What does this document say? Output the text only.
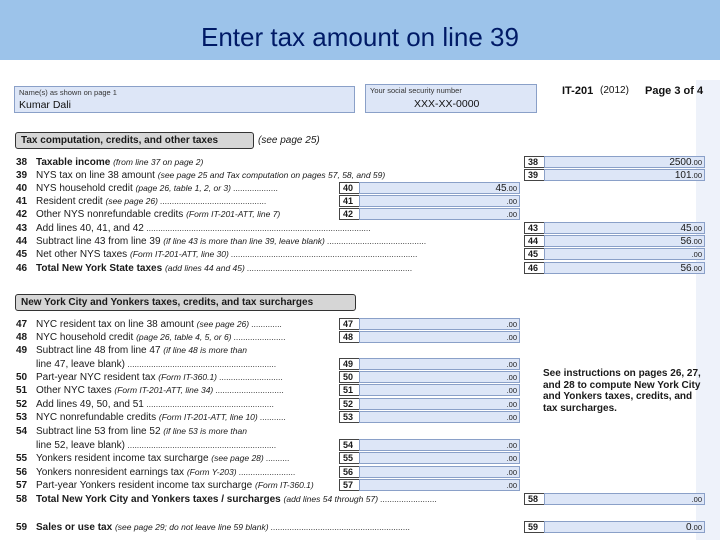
Enter tax amount on line 39
Name(s) as shown on page 1
Kumar Dali
Your social security number
XXX-XX-0000
IT-201 (2012) Page 3 of 4
Tax computation, credits, and other taxes	(see page 25)
38 Taxable income (from line 37 on page 2)	38	2500.00
39 NYS tax on line 38 amount (see page 25 and Tax computation on pages 57, 58, and 59)	39	101.00
40 NYS household credit (page 26, table 1, 2, or 3) ...................	40	45.00
41 Resident credit (see page 26) .............................................	41	.00
42 Other NYS nonrefundable credits (Form IT-201-ATT, line 7)	42	.00
43 Add lines 40, 41, and 42 ...............................................................................................	43	45.00
44 Subtract line 43 from line 39 (if line 43 is more than line 39, leave blank) ..........................................	44	56.00
45 Net other NYS taxes (Form IT-201-ATT, line 30) ...............................................................................	45	.00
46 Total New York State taxes (add lines 44 and 45) ......................................................................	46	56.00
New York City and Yonkers taxes, credits, and tax surcharges
47 NYC resident tax on line 38 amount (see page 26) .............	47	.00
48 NYC household credit (page 26, table 4, 5, or 6) ......................	48	.00
49 Subtract line 48 from line 47 (if line 48 is more than
line 47, leave blank) ...............................................................	49	.00
50 Part-year NYC resident tax (Form IT-360.1) ...........................	50	.00
51 Other NYC taxes (Form IT-201-ATT, line 34) .............................	51	.00
52 Add lines 49, 50, and 51 ......................................................	52	.00
53 NYC nonrefundable credits (Form IT-201-ATT, line 10) ...........	53	.00
54 Subtract line 53 from line 52 (if line 53 is more than
line 52, leave blank) ...............................................................	54	.00
55 Yonkers resident income tax surcharge (see page 28) ..........	55	.00
56 Yonkers nonresident earnings tax (Form Y-203) ........................	56	.00
57 Part-year Yonkers resident income tax surcharge (Form IT-360.1)	57	.00
See instructions on pages 26, 27, and 28 to compute New York City and Yonkers taxes, credits, and tax surcharges.
58 Total New York City and Yonkers taxes / surcharges (add lines 54 through 57) ........................	58	.00
59 Sales or use tax (see page 29; do not leave line 59 blank) ...........................................................	59	0.00
